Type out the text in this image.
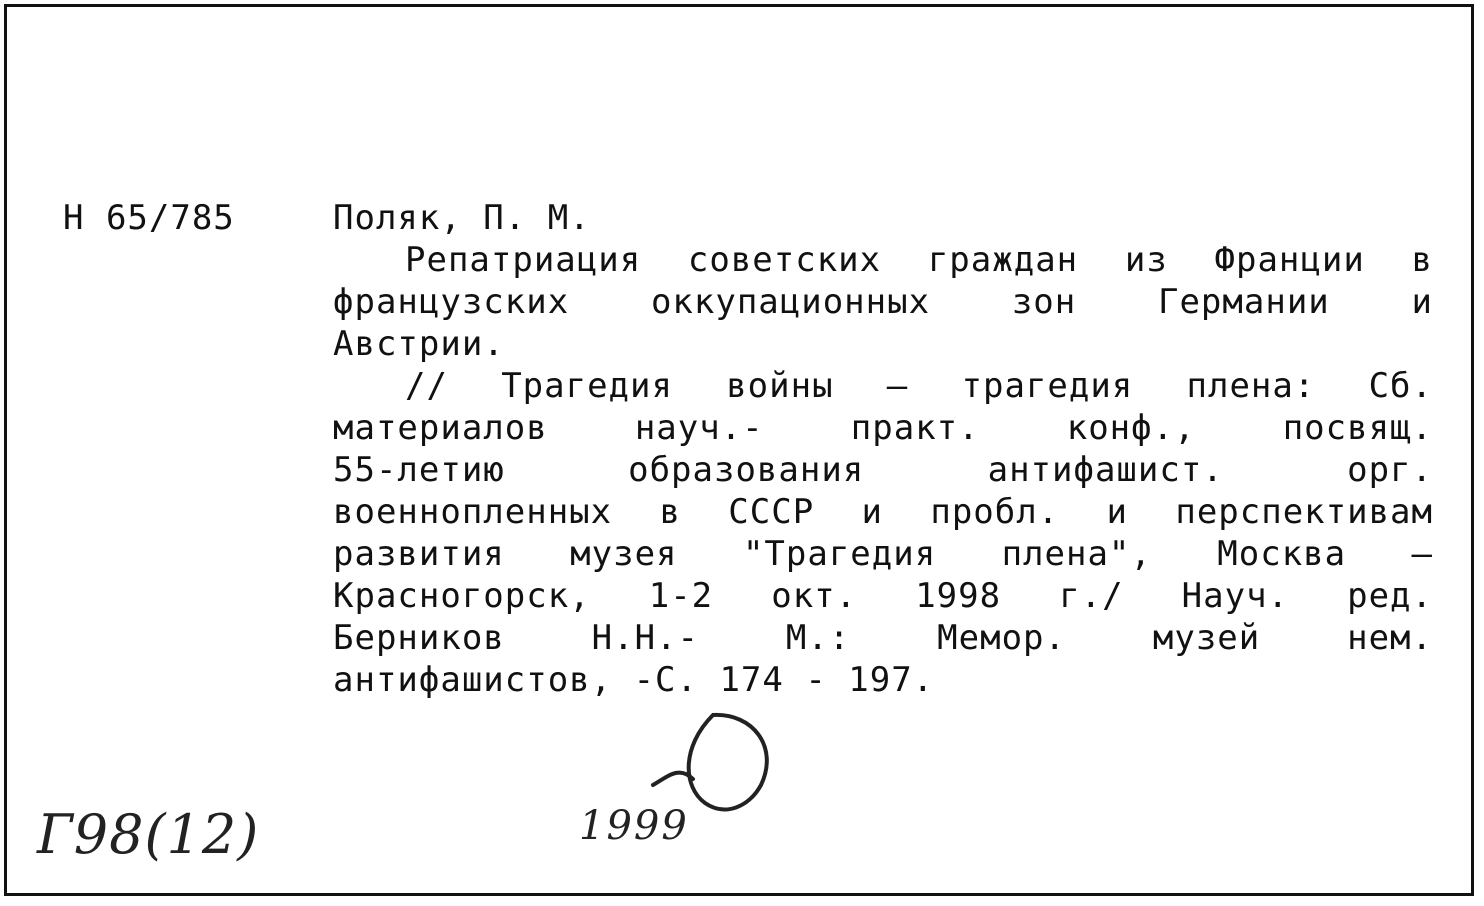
Н 65/785	Поляк, П. М.
Репатриация советских граждан из Франции в
французских оккупационных зон Германии и
Австрии.
// Трагедия войны – трагедия плена: Сб.
материалов науч.- практ. конф., посвящ.
55-летию образования антифашист. орг.
военнопленных в СССР и пробл. и перспективам
развития музея "Трагедия плена", Москва –
Красногорск, 1-2 окт. 1998 г./ Науч. ред.
Берников Н.Н.- М.: Мемор. музей нем.
антифашистов, -С. 174 - 197.
Г98(12)	1999
